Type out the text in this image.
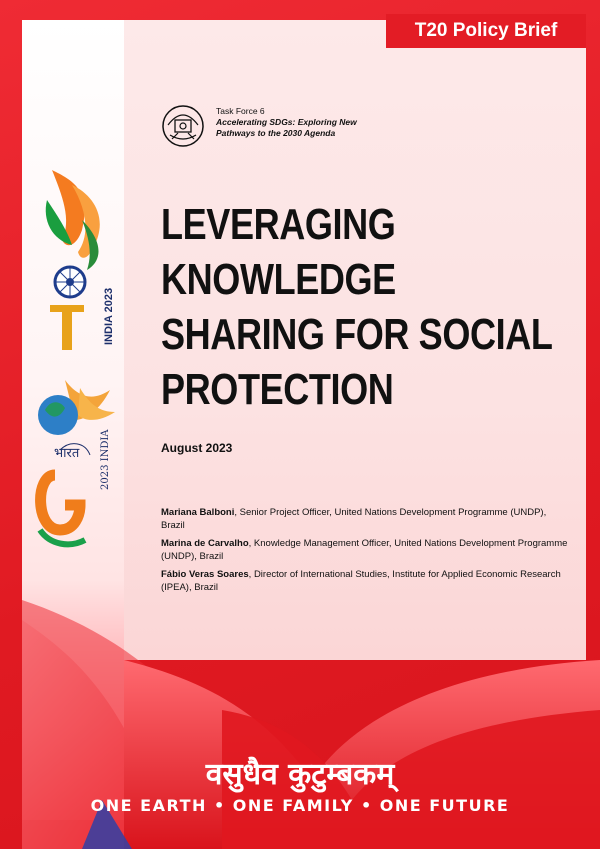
T20 Policy Brief
Task Force 6
Accelerating SDGs: Exploring New Pathways to the 2030 Agenda
LEVERAGING KNOWLEDGE
SHARING FOR SOCIAL
PROTECTION
August 2023
Mariana Balboni, Senior Project Officer, United Nations Development Programme (UNDP), Brazil
Marina de Carvalho, Knowledge Management Officer, United Nations Development Programme (UNDP), Brazil
Fábio Veras Soares, Director of International Studies, Institute for Applied Economic Research (IPEA), Brazil
INDIA 2023
भारत 2023 INDIA
वसुधैव कुटुम्बकम्
ONE EARTH • ONE FAMILY • ONE FUTURE
